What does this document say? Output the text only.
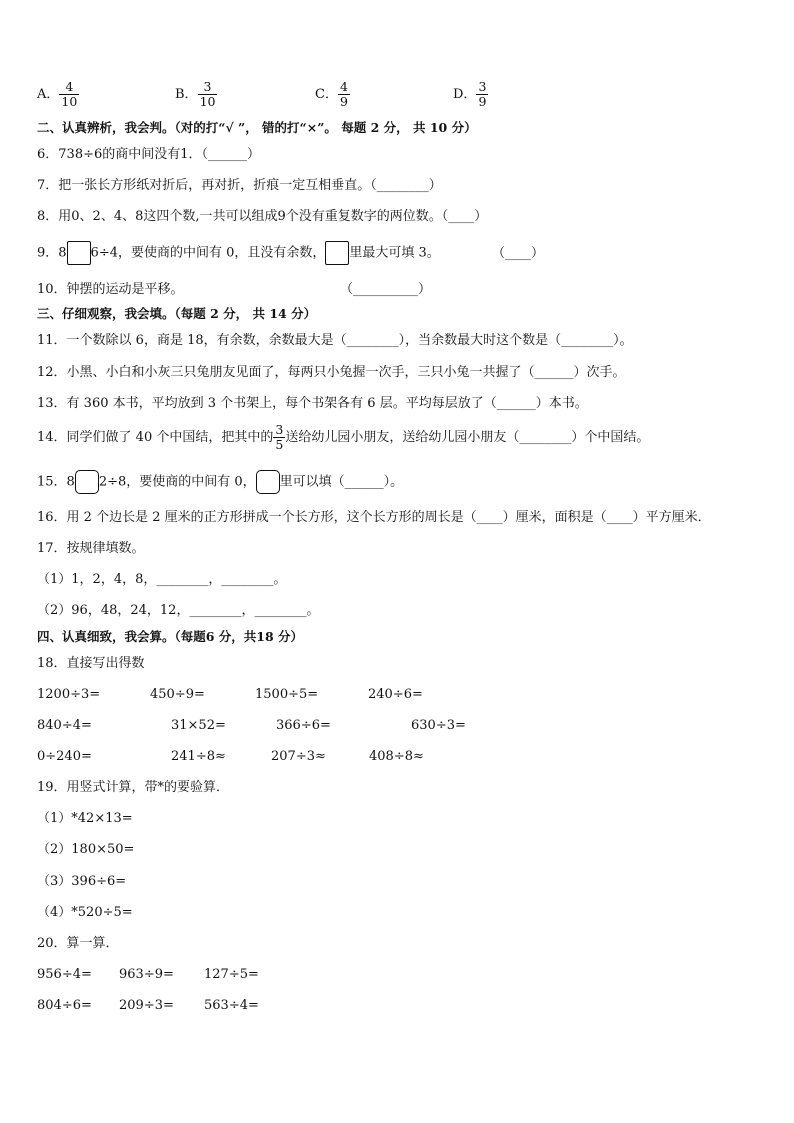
A． $\frac{4}{10}$	B． $\frac{3}{10}$	C． $\frac{4}{9}$	D． $\frac{3}{9}$
二、认真辨析，我会判。（对的打“√ ”， 错的打“×”。 每题 2 分， 共 10 分）
6．738÷6的商中间没有1．（______）
7．把一张长方形纸对折后，再对折，折痕一定互相垂直。（________）
8．用0、2、4、8这四个数,一共可以组成9个没有重复数字的两位数。（____）
9．8 6÷4，要使商的中间有 0，且没有余数， 里最大可填 3。	（____）
10．钟摆的运动是平移。	（__________）
三、仔细观察，我会填。（每题 2 分， 共 14 分）
11．一个数除以 6，商是 18，有余数，余数最大是（________），当余数最大时这个数是（________）。
12．小黑、小白和小灰三只兔朋友见面了，每两只小兔握一次手，三只小兔一共握了（______）次手。
13．有 360 本书，平均放到 3 个书架上，每个书架各有 6 层。平均每层放了（______）本书。
14．同学们做了 40 个中国结，把其中的 $\frac{3}{5}$ 送给幼儿园小朋友，送给幼儿园小朋友（________）个中国结。
15．8 2÷8，要使商的中间有 0， 里可以填（______）。
16．用 2 个边长是 2 厘米的正方形拼成一个长方形，这个长方形的周长是（____）厘米，面积是（____）平方厘米．
17．按规律填数。
（1）1，2，4，8，________，________。
（2）96，48，24，12，________，________。
四、认真细致，我会算。（每题6 分，共18 分）
18．直接写出得数
1200÷3=	450÷9=	1500÷5=	240÷6=
840÷4=	31×52=	366÷6=	630÷3=
0÷240=	241÷8≈	207÷3≈	408÷8≈
19．用竖式计算，带*的要验算．
（1）*42×13=
（2）180×50=
（3）396÷6=
（4）*520÷5=
20．算一算．
956÷4= 963÷9= 127÷5=
804÷6= 209÷3= 563÷4=
